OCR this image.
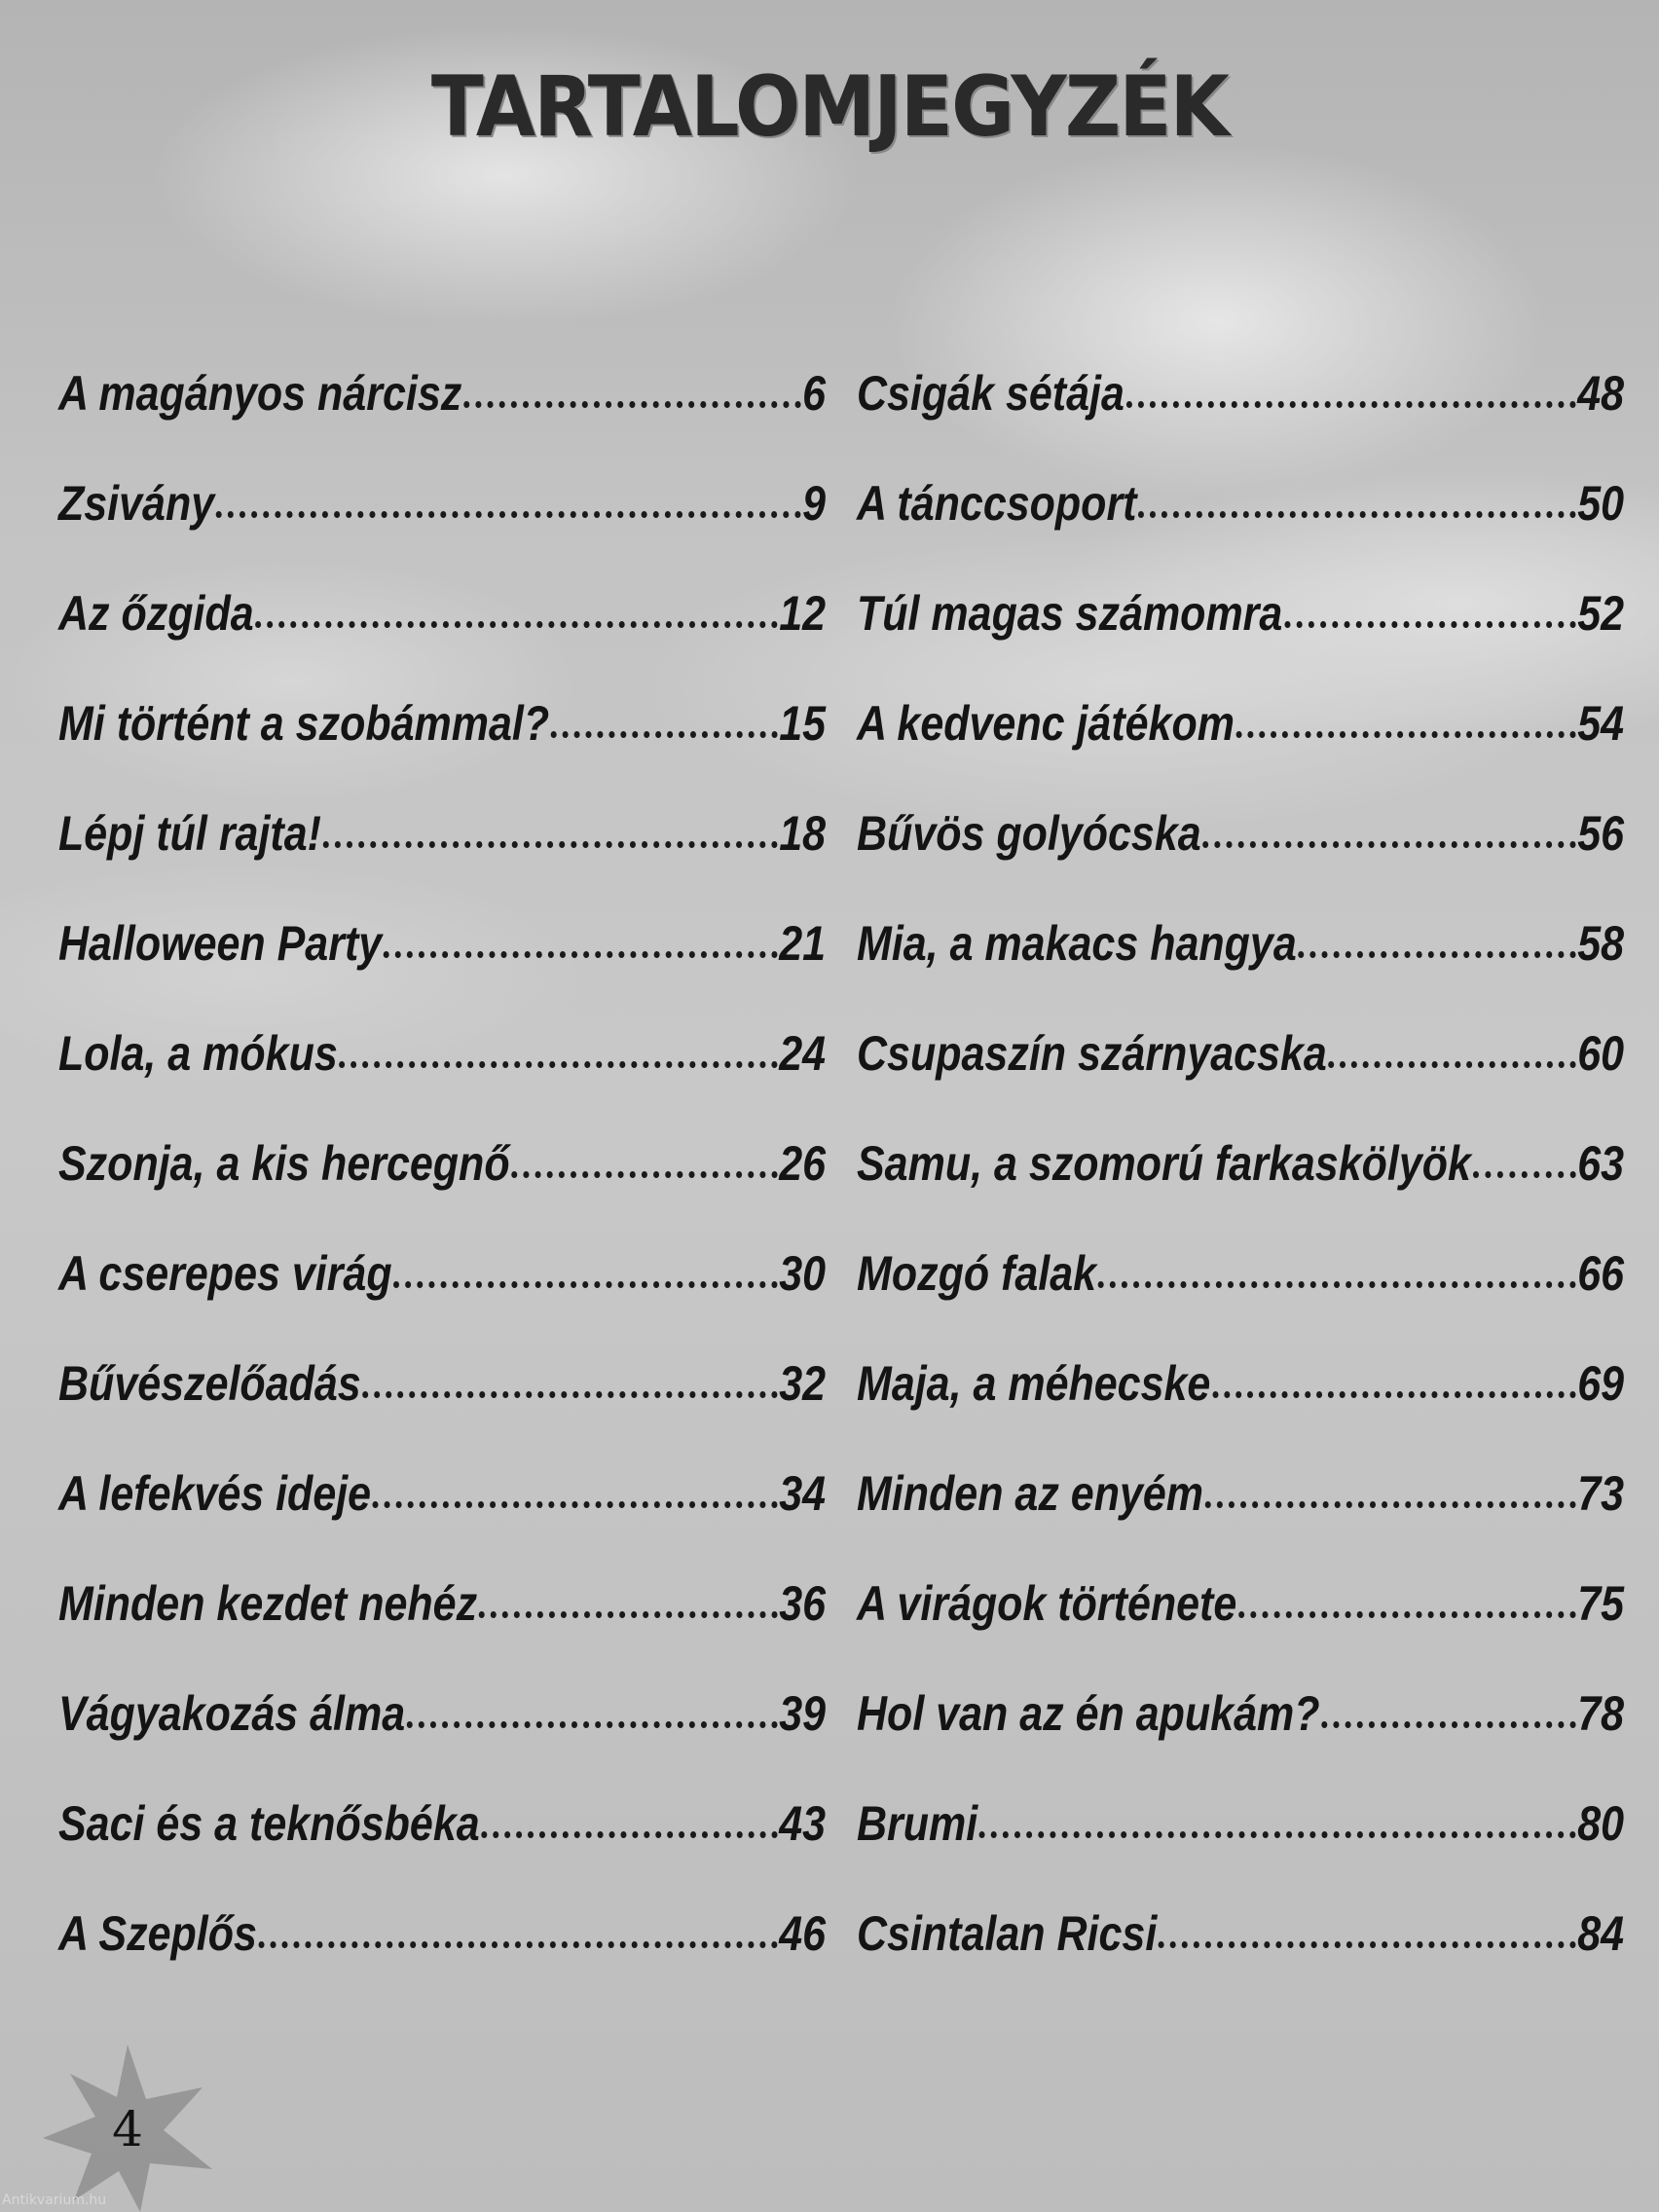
TARTALOMJEGYZÉK
A magányos nárcisz	6
Zsivány	9
Az őzgida	12
Mi történt a szobámmal?	15
Lépj túl rajta!	18
Halloween Party	21
Lola, a mókus	24
Szonja, a kis hercegnő	26
A cserepes virág	30
Bűvészelőadás	32
A lefekvés ideje	34
Minden kezdet nehéz	36
Vágyakozás álma	39
Saci és a teknősbéka	43
A Szeplős	46
Csigák sétája	48
A tánccsoport	50
Túl magas számomra	52
A kedvenc játékom	54
Bűvös golyócska	56
Mia, a makacs hangya	58
Csupaszín szárnyacska	60
Samu, a szomorú farkaskölyök 63
Mozgó falak	66
Maja, a méhecske	69
Minden az enyém	73
A virágok története	75
Hol van az én apukám?	78
Brumi	80
Csintalan Ricsi	84
4
Antikvarium.hu
